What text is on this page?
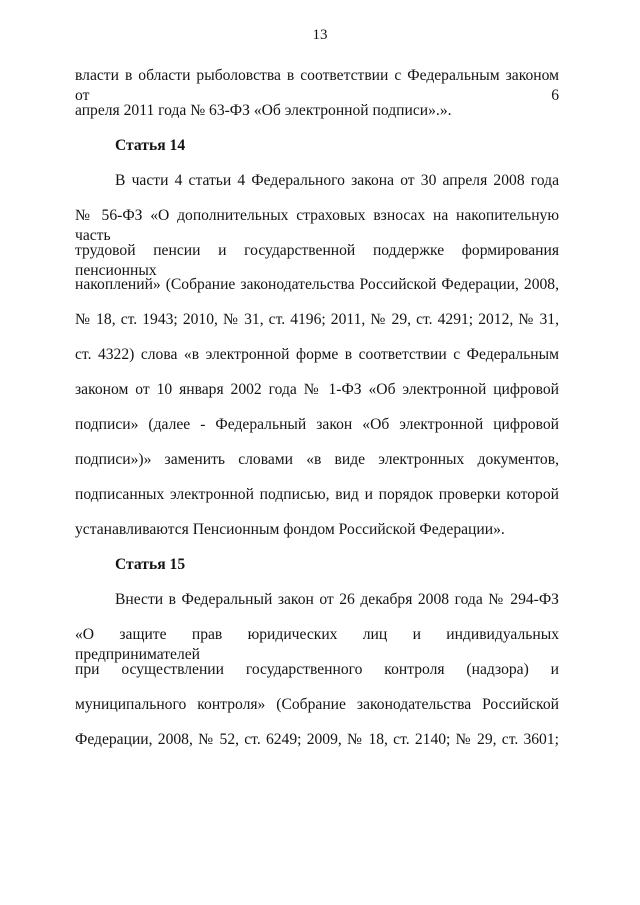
13
власти в области рыболовства в соответствии с Федеральным законом от 6
апреля 2011 года № 63-ФЗ «Об электронной подписи».».
Статья 14
В части 4 статьи 4 Федерального закона от 30 апреля 2008 года
№ 56-ФЗ «О дополнительных страховых взносах на накопительную часть
трудовой пенсии и государственной поддержке формирования пенсионных
накоплений» (Собрание законодательства Российской Федерации, 2008,
№ 18, ст. 1943; 2010, № 31, ст. 4196; 2011, № 29, ст. 4291; 2012, № 31,
ст. 4322) слова «в электронной форме в соответствии с Федеральным
законом от 10 января 2002 года № 1-ФЗ «Об электронной цифровой
подписи» (далее - Федеральный закон «Об электронной цифровой
подписи»)» заменить словами «в виде электронных документов,
подписанных электронной подписью, вид и порядок проверки которой
устанавливаются Пенсионным фондом Российской Федерации».
Статья 15
Внести в Федеральный закон от 26 декабря 2008 года № 294-ФЗ
«О защите прав юридических лиц и индивидуальных предпринимателей
при осуществлении государственного контроля (надзора) и
муниципального контроля» (Собрание законодательства Российской
Федерации, 2008, № 52, ст. 6249; 2009, № 18, ст. 2140; № 29, ст. 3601;
